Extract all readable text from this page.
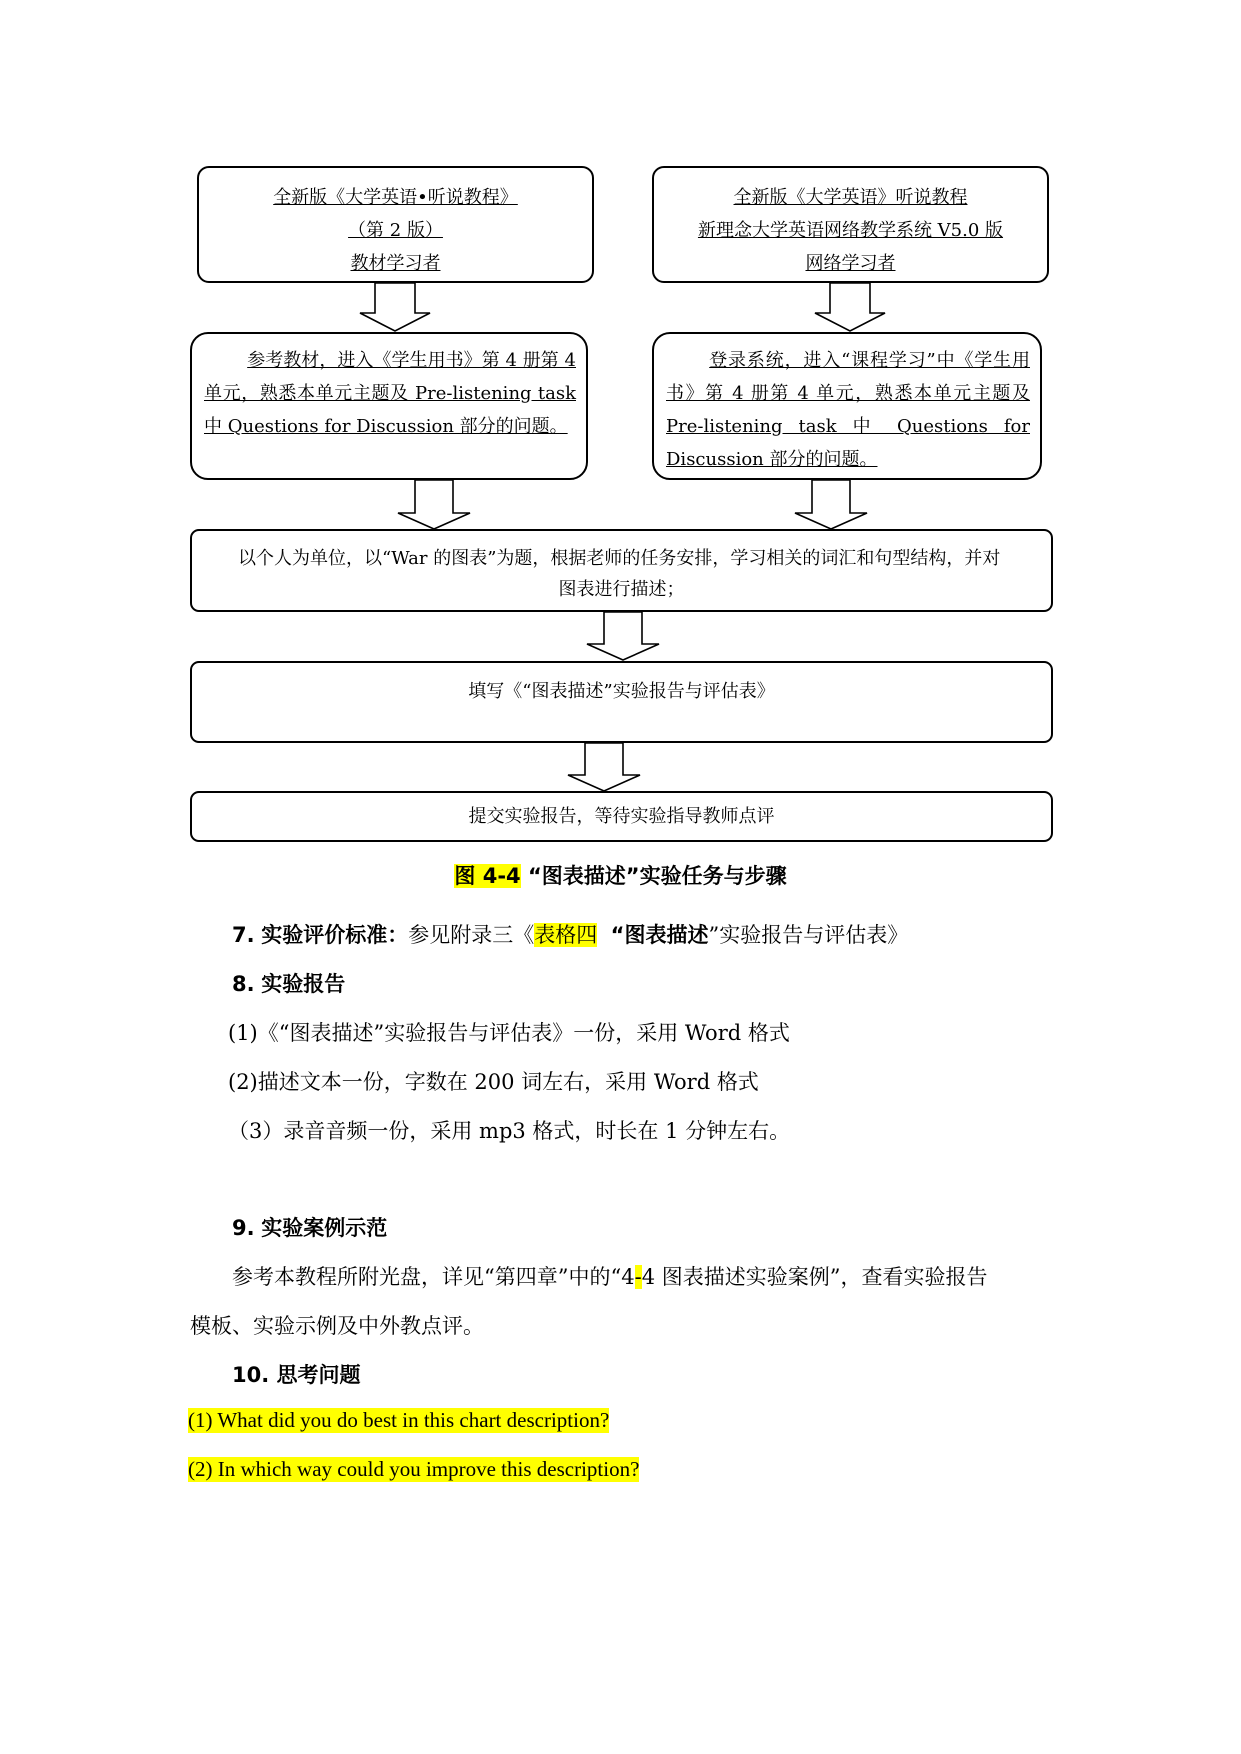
全新版《大学英语•听说教程》
（第 2 版）
教材学习者
全新版《大学英语》听说教程
新理念大学英语网络教学系统 V5.0 版
网络学习者

参考教材，进入《学生用书》第 4 册第 4 单元，熟悉本单元主题及 Pre-listening task 中 Questions for Discussion 部分的问题。

登录系统，进入“课程学习”中《学生用书》第 4 册第 4 单元，熟悉本单元主题及 Pre-listening task 中 Questions for Discussion 部分的问题。

以个人为单位，以“War 的图表”为题，根据老师的任务安排，学习相关的词汇和句型结构，并对
图表进行描述；
填写《“图表描述”实验报告与评估表》
提交实验报告，等待实验指导教师点评
图 4-4 “图表描述”实验任务与步骤
7. 实验评价标准：参见附录三《表格四 “图表描述”实验报告与评估表》
8. 实验报告
(1)《“图表描述”实验报告与评估表》一份，采用 Word 格式
(2)描述文本一份，字数在 200 词左右，采用 Word 格式
（3）录音音频一份，采用 mp3 格式，时长在 1 分钟左右。
9. 实验案例示范
参考本教程所附光盘，详见“第四章”中的“4-4 图表描述实验案例”，查看实验报告
模板、实验示例及中外教点评。
10. 思考问题
(1) What did you do best in this chart description?
(2) In which way could you improve this description?
